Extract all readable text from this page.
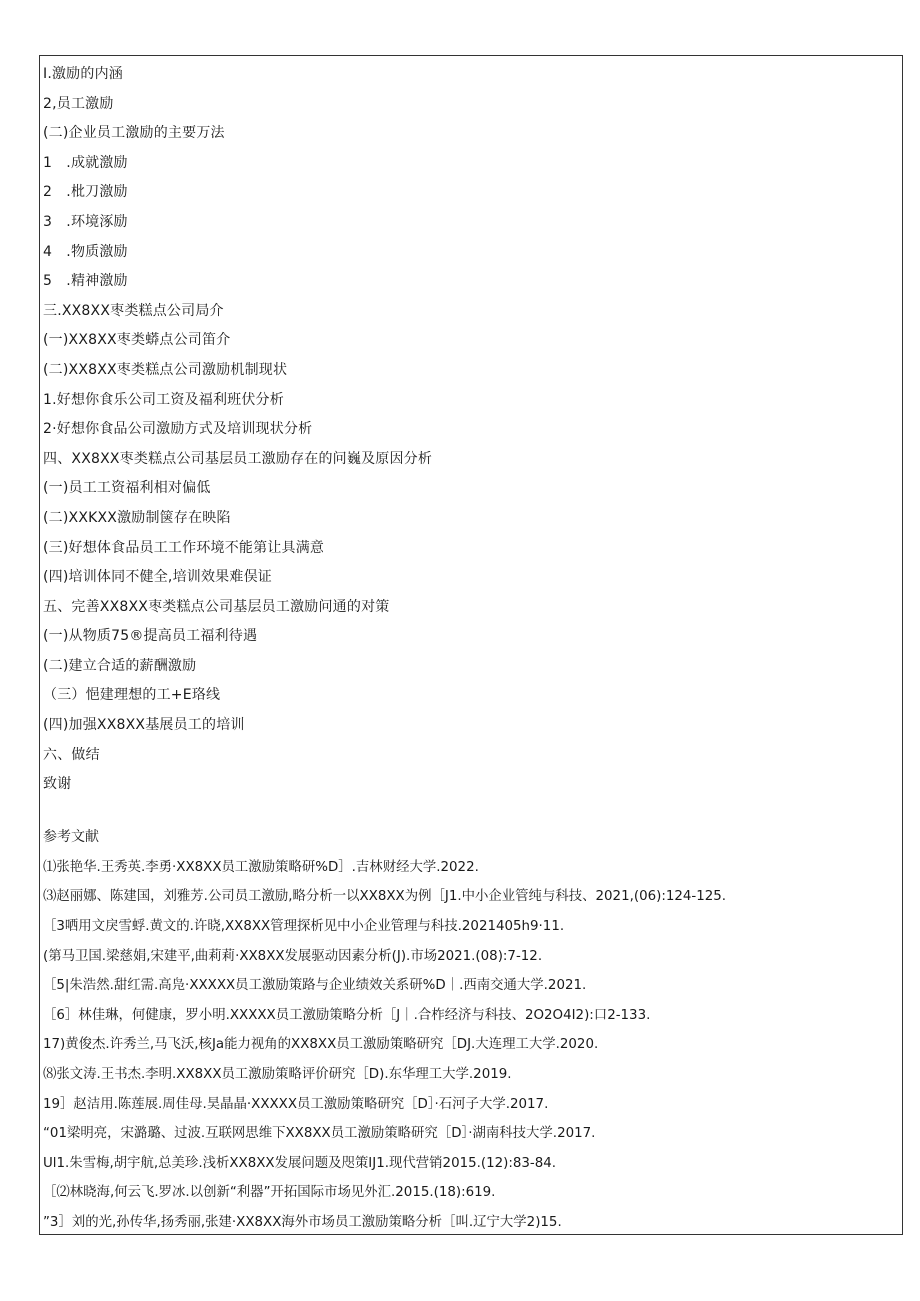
I.激励的内涵
2,员工激励
(二)企业员工激励的主要万法
1　.成就激励
2　.枇刀激励
3　.环境涿励
4　.物质激励
5　.精神激励
三.XX8XX枣类糕点公司局介
(一)XX8XX枣类蟒点公司笛介
(二)XX8XX枣类糕点公司激励机制现状
1.好想你食乐公司工资及福利班伏分析
2·好想你食品公司激励方式及培训现状分析
四、XX8XX枣类糕点公司基层员工激励存在的问巍及原因分析
(一)员工工资福利相对偏低
(二)XXKXX激励制箧存在映陷
(三)好想体食品员工工作环境不能第让具满意
(四)培训体同不健全,培训效果难俣证
五、完善XX8XX枣类糕点公司基层员工激励问通的对策
(一)从物质75®提高员工福利待遇
(二)建立合适的薪酬激励
（三）悒建理想的工+E珞线
(四)加强XX8XX基展员工的培训
六、做结
致谢
参考文献
⑴张艳华.王秀英.李勇·XX8XX员工激励策略研%D］.吉林财经大学.2022.
⑶赵丽娜、陈建国，刘雅芳.公司员工激励,略分析一以XX8XX为例［J1.中小企业管纯与科技、2021,(06):124-125.
［3哂用文戾雪蜉.黄文的.许晓,XX8XX管理探析见中小企业管理与科技.2021405h9·11.
(第马卫国.梁慈娟,宋建平,曲莉莉·XX8XX发展驱动因素分析(J).市场2021.(08):7-12.
［5|朱浩然.甜红需.高凫·XXXXX员工激励策路与企业绩效关系研%D｜.西南交通大学.2021.
［6］林佳琳，何健康，罗小明.XXXXX员工激励策略分析［J｜.合柞经济与科技、2O2O4I2):口2-133.
17)黄俊杰.许秀兰,马飞沃,核Ja能力视角的XX8XX员工激励策略研究［DJ.大连理工大学.2020.
⑻张文涛.王书杰.李明.XX8XX员工激励策略评价研究［D).东华理工大学.2019.
19］赵洁用.陈莲展.周佳母.昊晶晶·XXXXX员工激励策略研究［D］·石河子大学.2017.
“01梁明亮，宋潞璐、过波.互联网思维下XX8XX员工激励策略研究［D］·湖南科技大学.2017.
Ul1.朱雪梅,胡宇航,总美珍.浅析XX8XX发展问题及咫策IJ1.现代营销2015.(12):83-84.
［⑵林晓海,何云飞.罗冰.以创新“利器”开拓国际市场见外汇.2015.(18):619.
”3］刘的光,孙传华,扬秀丽,张建·XX8XX海外市场员工激励策略分析［叫.辽宁大学2)15.
